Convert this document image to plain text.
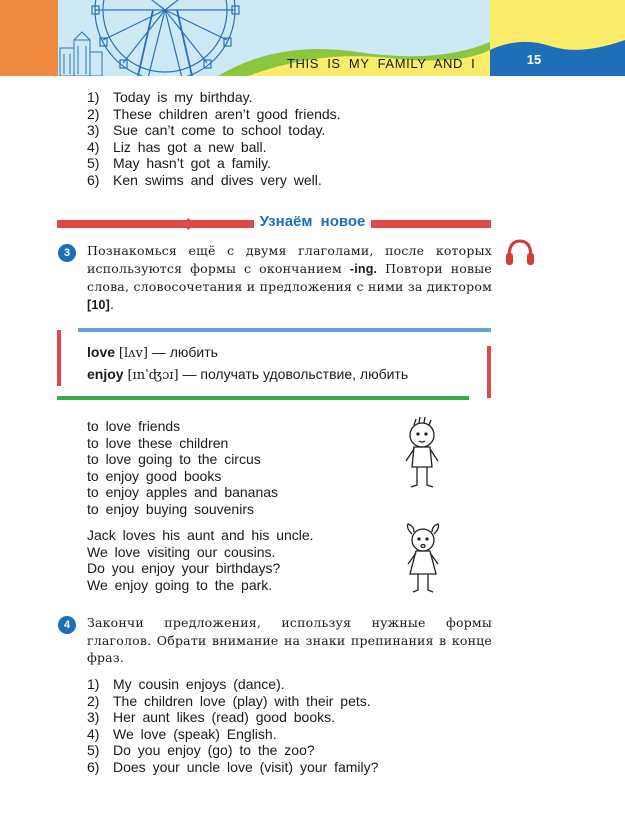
THIS IS MY FAMILY AND I	15
1) Today is my birthday.
2) These children aren’t good friends.
3) Sue can’t come to school today.
4) Liz has got a new ball.
5) May hasn’t got a family.
6) Ken swims and dives very well.
Узнаём новое
3	Познакомься ещё с двумя глаголами, после которых используются формы с окончанием -ing. Повтори новые слова, словосочетания и предложения с ними за диктором [10].
love [lʌv] — любить
enjoy [ɪnˈʤɔɪ] — получать удовольствие, любить
to love friends
to love these children
to love going to the circus
to enjoy good books
to enjoy apples and bananas
to enjoy buying souvenirs
Jack loves his aunt and his uncle.
We love visiting our cousins.
Do you enjoy your birthdays?
We enjoy going to the park.
4	Закончи предложения, используя нужные формы глаголов. Обрати внимание на знаки препинания в конце фраз.
1) My cousin enjoys (dance).
2) The children love (play) with their pets.
3) Her aunt likes (read) good books.
4) We love (speak) English.
5) Do you enjoy (go) to the zoo?
6) Does your uncle love (visit) your family?
